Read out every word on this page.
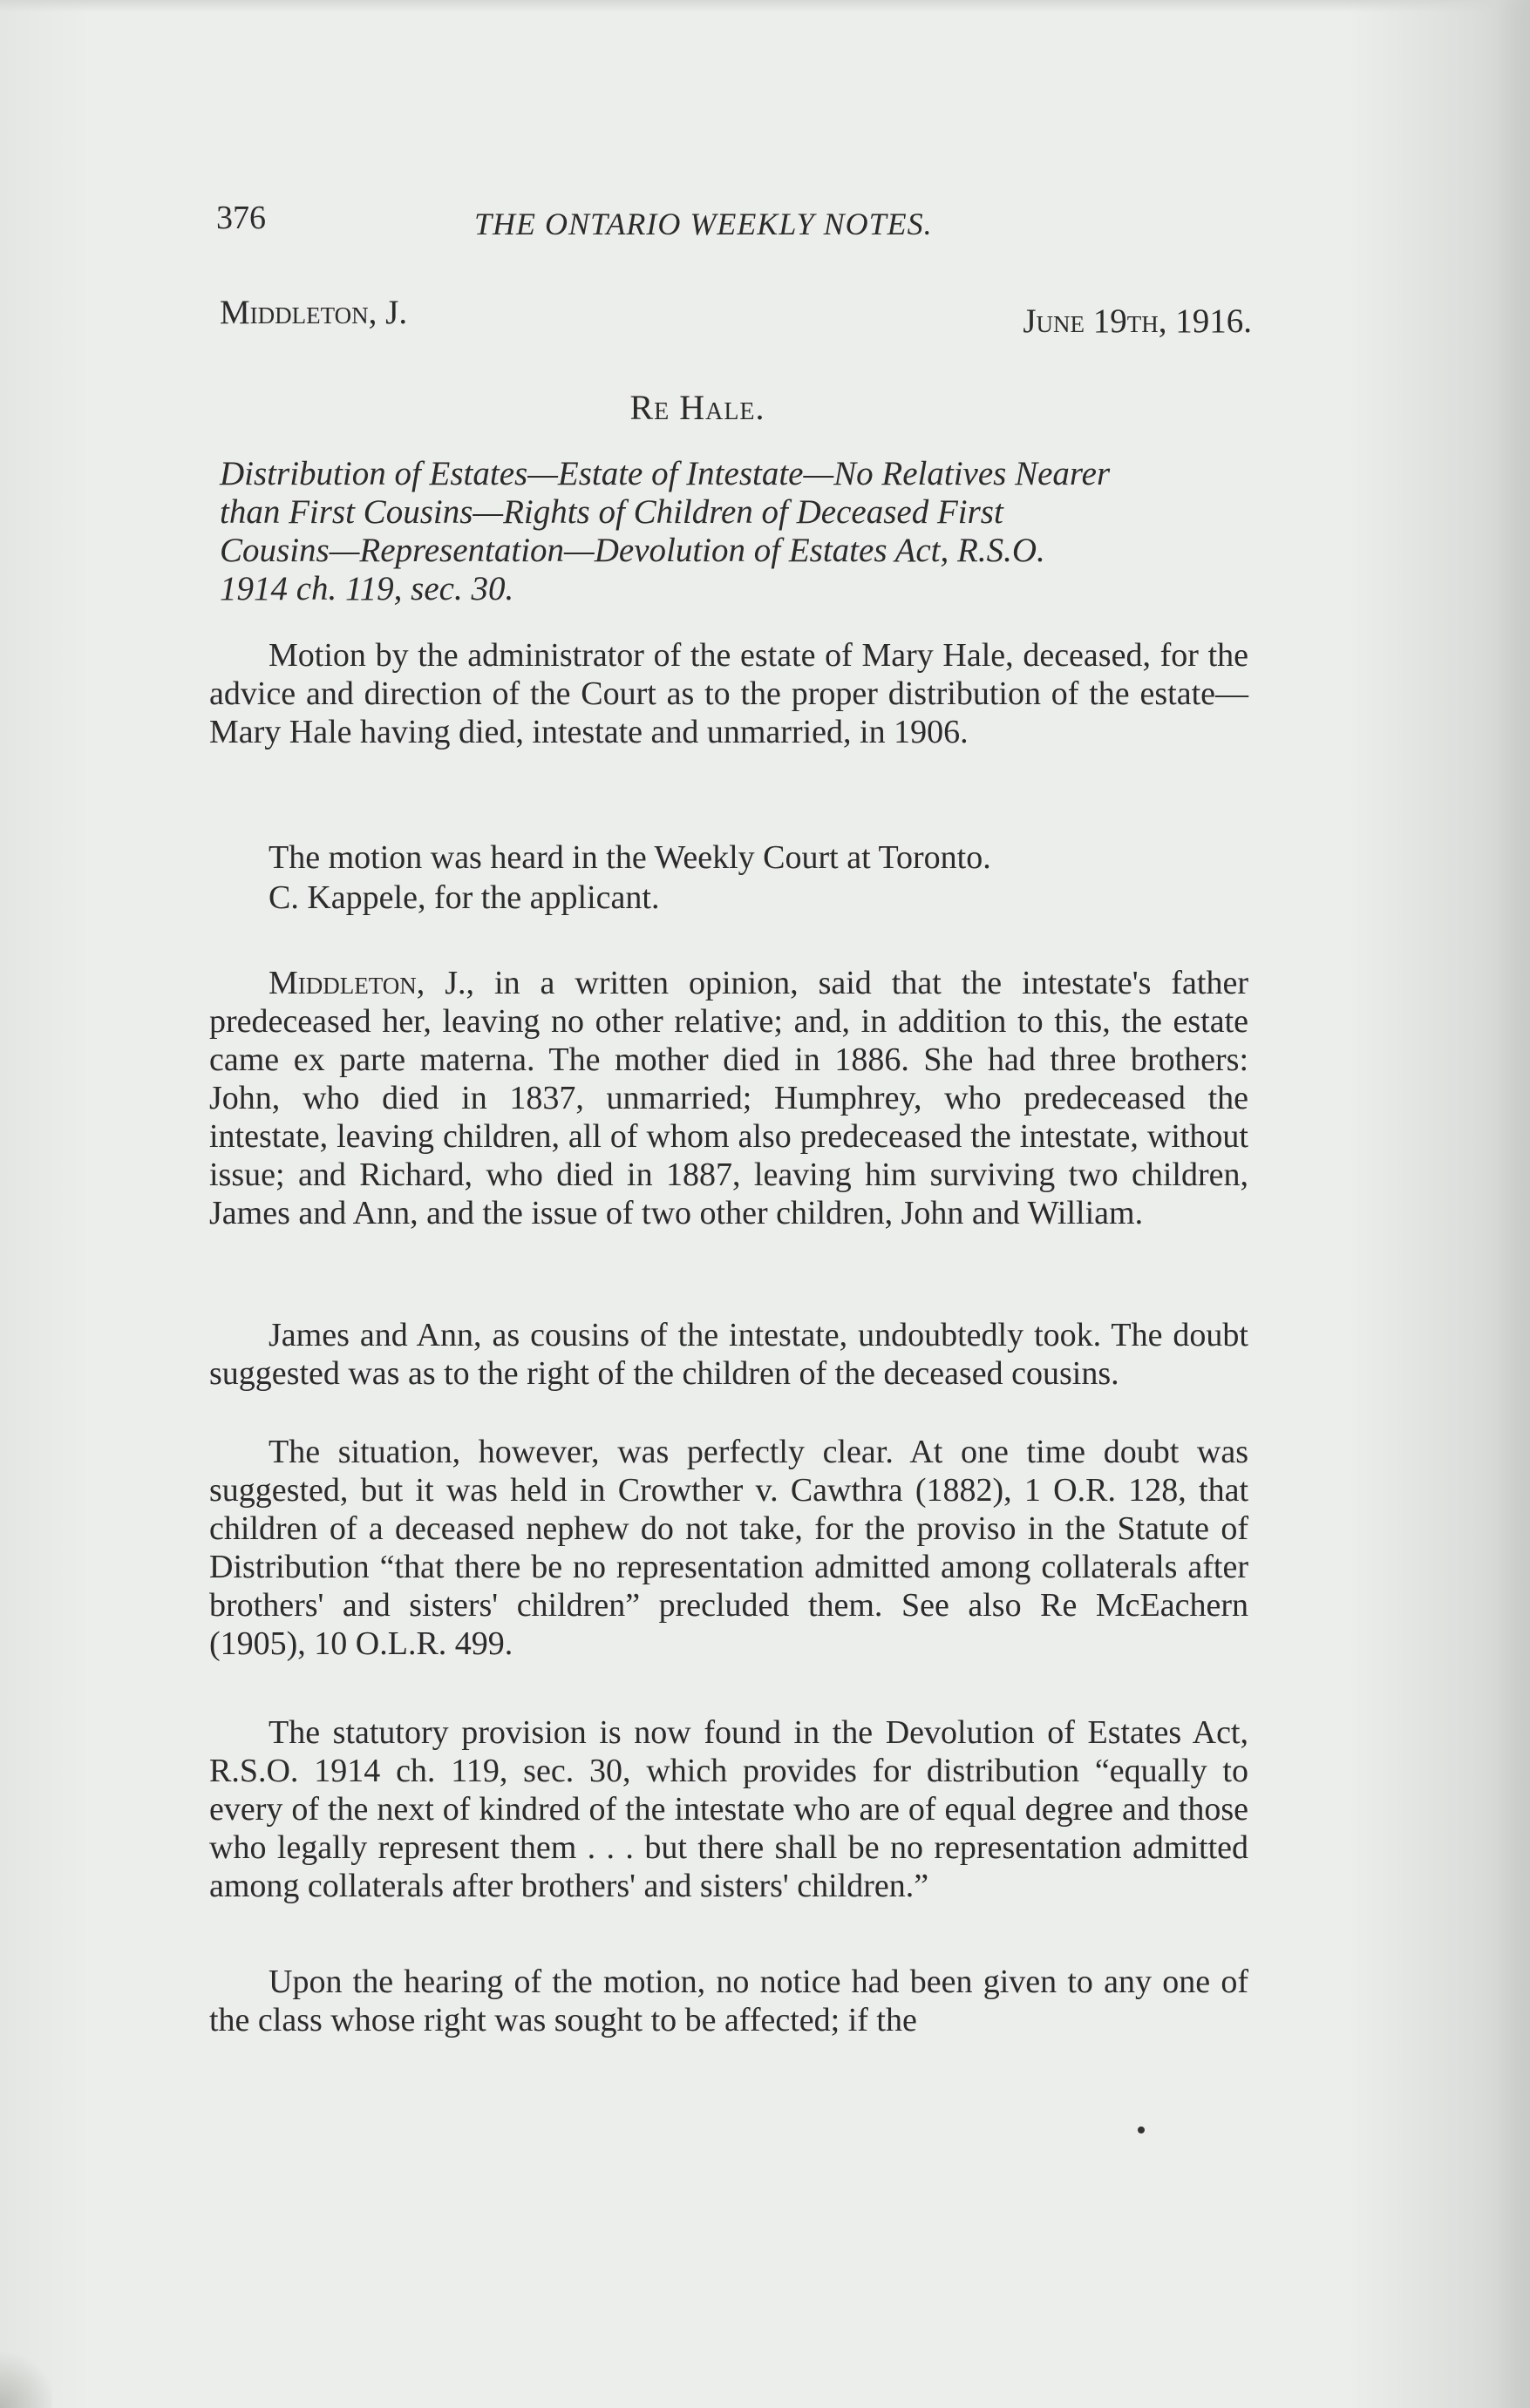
376	THE ONTARIO WEEKLY NOTES.
Middleton, J.	June 19th, 1916.
Re Hale.
Distribution of Estates—Estate of Intestate—No Relatives Nearer
than First Cousins—Rights of Children of Deceased First
Cousins—Representation—Devolution of Estates Act, R.S.O.
1914 ch. 119, sec. 30.

Motion by the administrator of the estate of Mary Hale, deceased, for the advice and direction of the Court as to the proper distribution of the estate—Mary Hale having died, intestate and unmarried, in 1906.

The motion was heard in the Weekly Court at Toronto.

C. Kappele, for the applicant.

Middleton, J., in a written opinion, said that the intestate's father predeceased her, leaving no other relative; and, in addition to this, the estate came ex parte materna. The mother died in 1886. She had three brothers: John, who died in 1837, unmarried; Humphrey, who predeceased the intestate, leaving children, all of whom also predeceased the intestate, without issue; and Richard, who died in 1887, leaving him surviving two children, James and Ann, and the issue of two other children, John and William.

James and Ann, as cousins of the intestate, undoubtedly took. The doubt suggested was as to the right of the children of the deceased cousins.

The situation, however, was perfectly clear. At one time doubt was suggested, but it was held in Crowther v. Cawthra (1882), 1 O.R. 128, that children of a deceased nephew do not take, for the proviso in the Statute of Distribution “that there be no representation admitted among collaterals after brothers' and sisters' children” precluded them. See also Re McEachern (1905), 10 O.L.R. 499.

The statutory provision is now found in the Devolution of Estates Act, R.S.O. 1914 ch. 119, sec. 30, which provides for distribution “equally to every of the next of kindred of the intestate who are of equal degree and those who legally represent them . . . but there shall be no representation admitted among collaterals after brothers' and sisters' children.”

Upon the hearing of the motion, no notice had been given to any one of the class whose right was sought to be affected; if the
